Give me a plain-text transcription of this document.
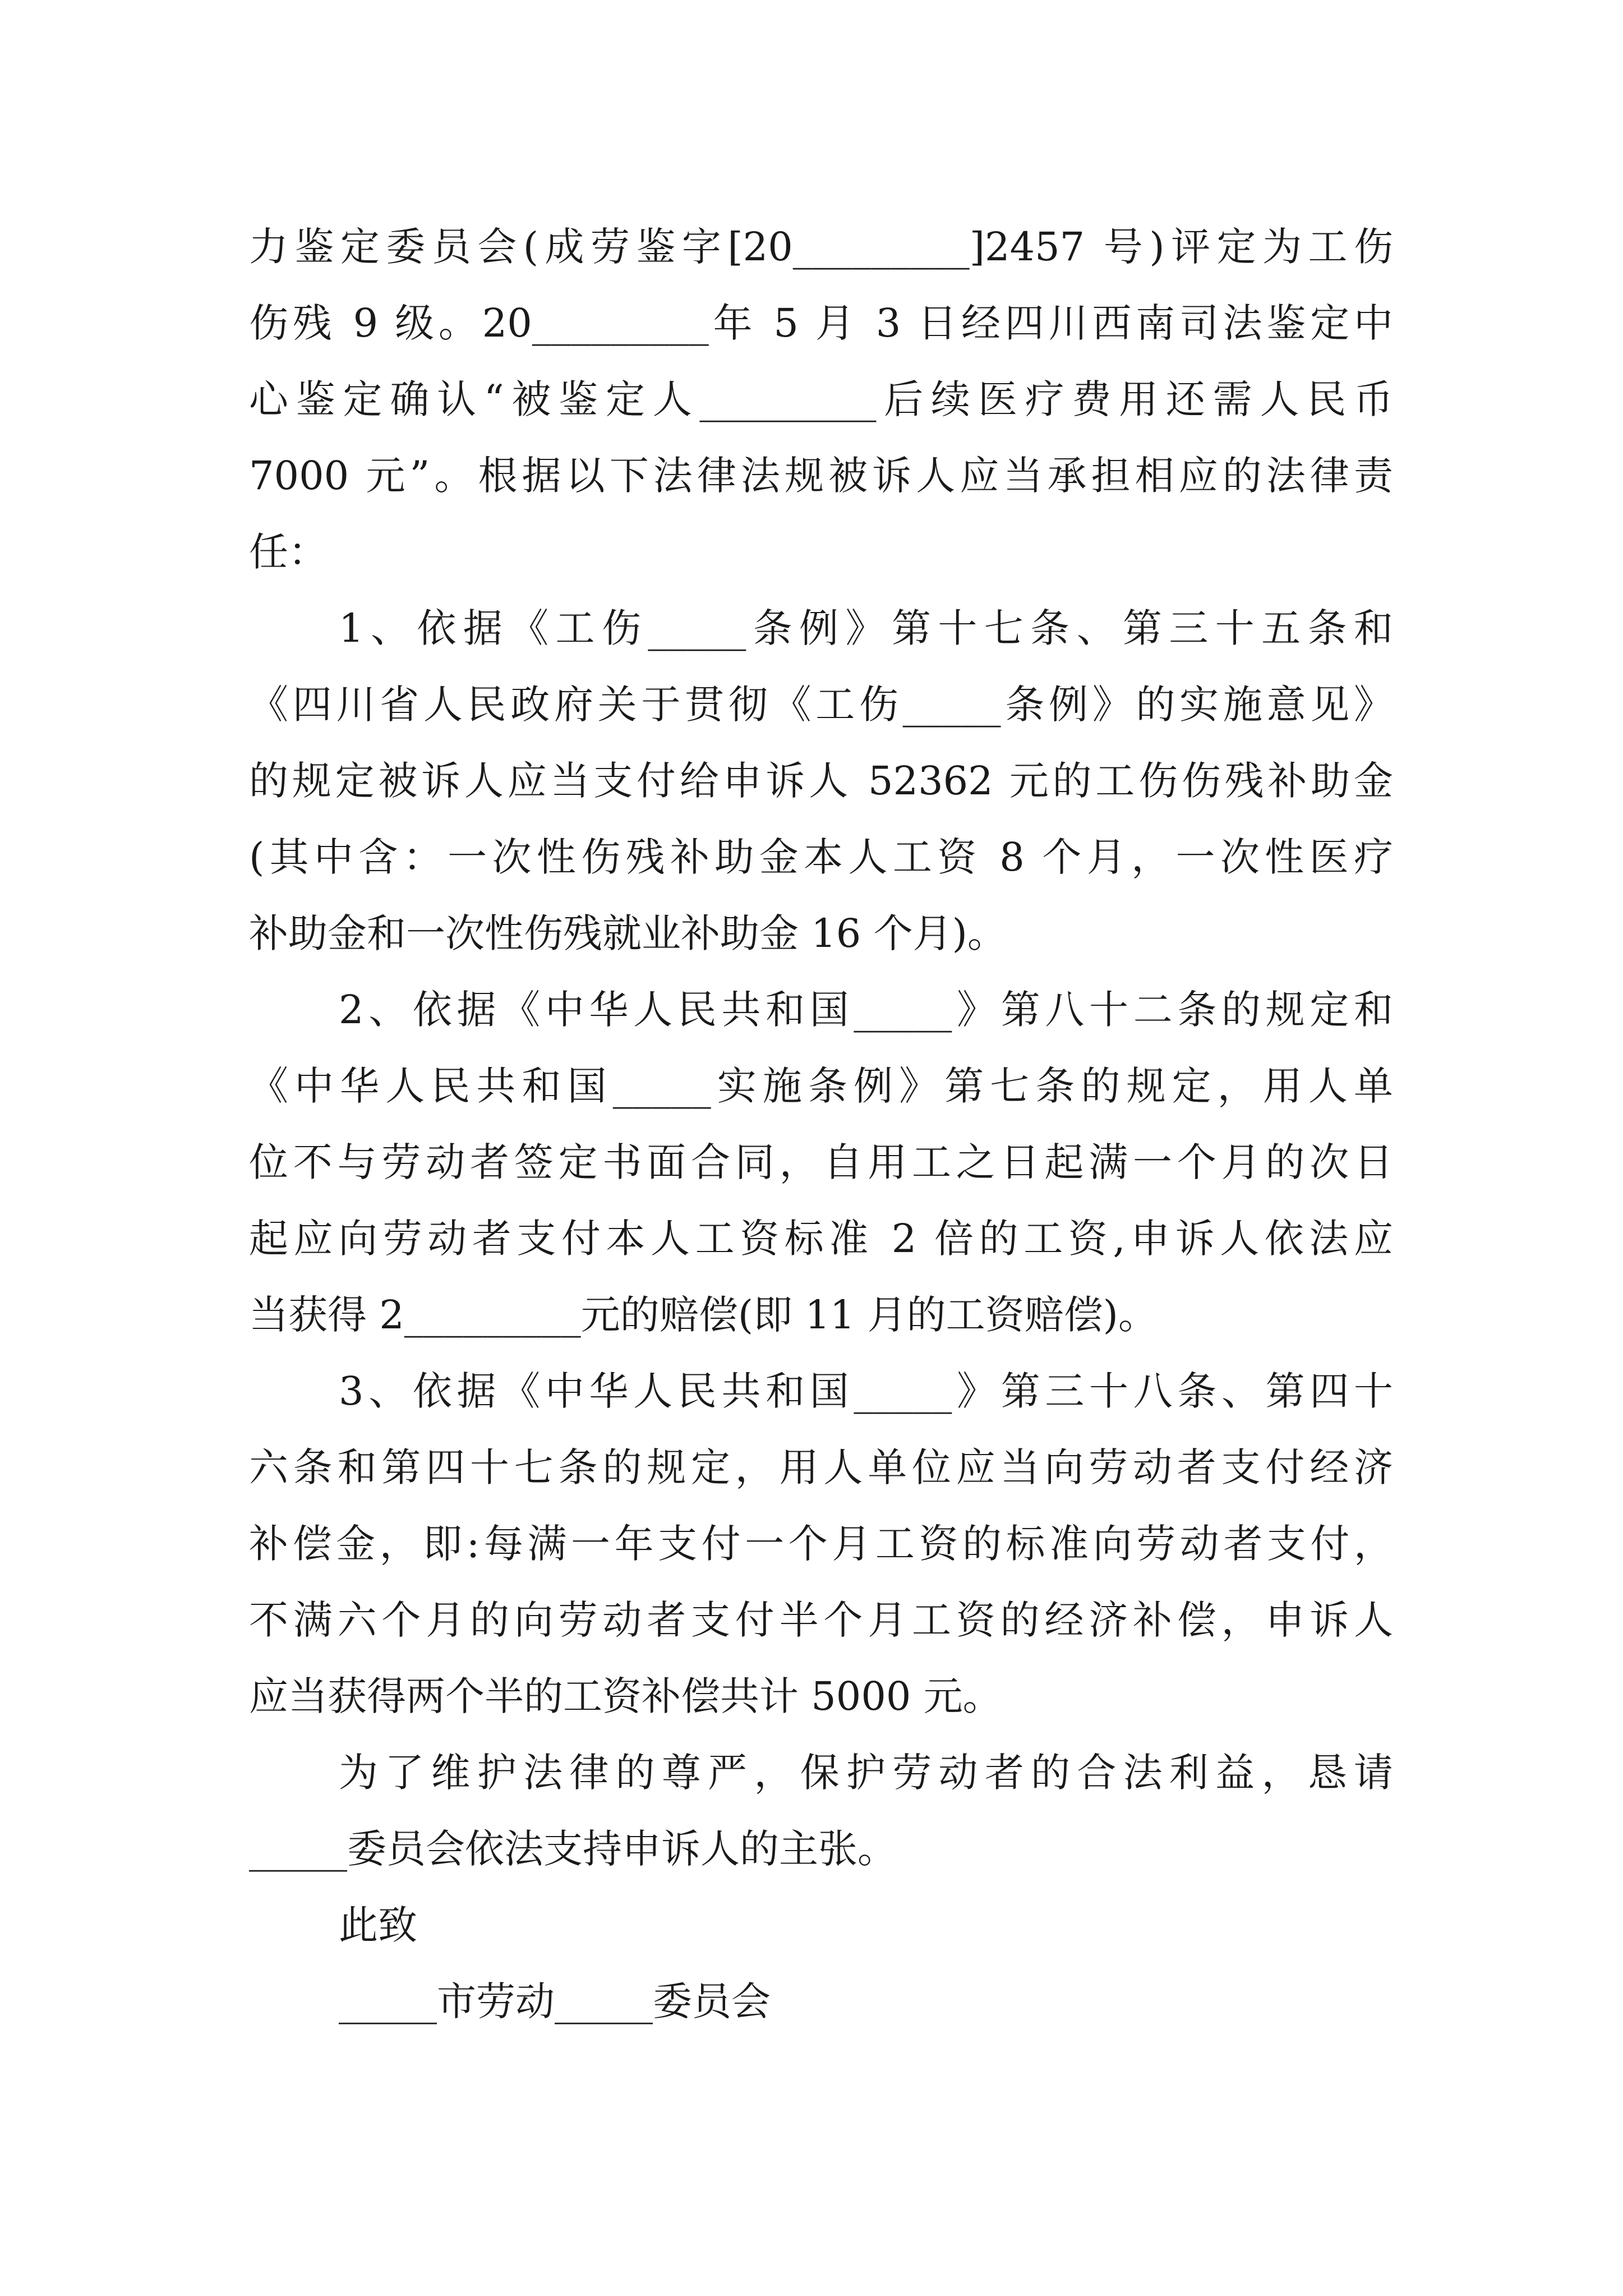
力鉴定委员会(成劳鉴字[20_________]2457 号)评定为工伤
伤残 9 级。20_________年 5 月 3 日经四川西南司法鉴定中
心鉴定确认“被鉴定人_________后续医疗费用还需人民币
7000 元”。根据以下法律法规被诉人应当承担相应的法律责
任：
1、依据《工伤_____条例》第十七条、第三十五条和
《四川省人民政府关于贯彻《工伤_____条例》的实施意见》
的规定被诉人应当支付给申诉人 52362 元的工伤伤残补助金
(其中含：一次性伤残补助金本人工资 8 个月，一次性医疗
补助金和一次性伤残就业补助金 16 个月)。
2、依据《中华人民共和国_____》第八十二条的规定和
《中华人民共和国_____实施条例》第七条的规定，用人单
位不与劳动者签定书面合同，自用工之日起满一个月的次日
起应向劳动者支付本人工资标准 2 倍的工资,申诉人依法应
当获得 2_________元的赔偿(即 11 月的工资赔偿)。
3、依据《中华人民共和国_____》第三十八条、第四十
六条和第四十七条的规定，用人单位应当向劳动者支付经济
补偿金，即:每满一年支付一个月工资的标准向劳动者支付，
不满六个月的向劳动者支付半个月工资的经济补偿，申诉人
应当获得两个半的工资补偿共计 5000 元。
为了维护法律的尊严，保护劳动者的合法利益，恳请
_____委员会依法支持申诉人的主张。
此致
_____市劳动_____委员会
